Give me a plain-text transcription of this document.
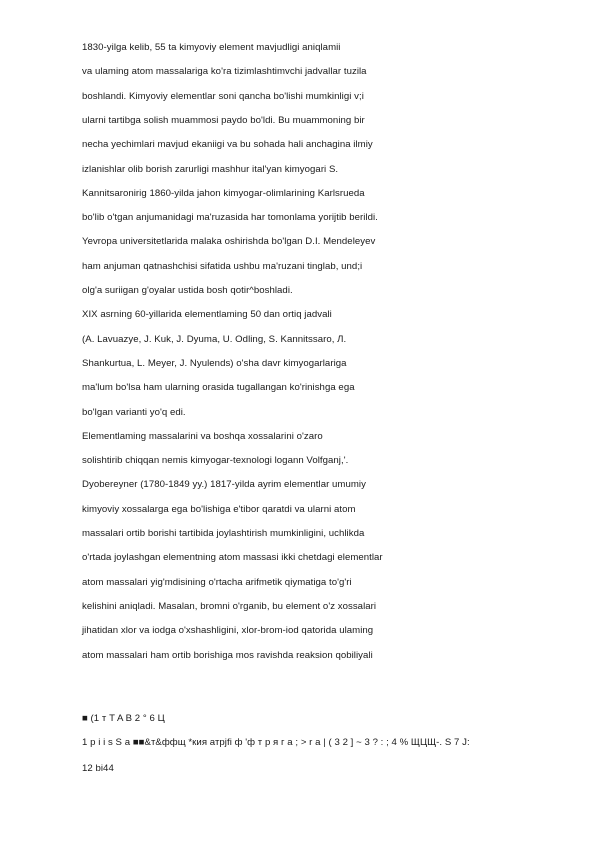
1830-yilga kelib, 55 ta kimyoviy element mavjudligi aniqlamii
va ulaming atom massalariga ko'ra tizimlashtimvchi jadvallar tuzila
boshlandi. Kimyoviy elementlar soni qancha bo'lishi mumkinligi v;i
ularni tartibga solish muammosi paydo bo'ldi. Bu muammoning bir
necha yechimlari mavjud ekaniigi va bu sohada hali anchagina ilmiy
izlanishlar olib borish zarurligi mashhur ital'yan kimyogari S.
Kannitsaronirig 1860-yilda jahon kimyogar-olimlarining Karlsrueda
bo'lib o'tgan anjumanidagi ma'ruzasida har tomonlama yoriјtib berildi.
Yevropa universitetlarida malaka oshirishda bo'lgan D.I. Mendeleyev
ham anjuman qatnashchisi sifatida ushbu ma'ruzani tinglab, und;i
olg'a suriigan g'oyalar ustida bosh qotir^boshladi.
XIX asrning 60-yillarida elementlaming 50 dan ortiq jadvali
(A. Lavuazye, J. Kuk, J. Dyuma, U. Odling, S. Kannitssaro, Л.
Shankurtua, L. Meyer, J. Nyulends) o'sha davr kimyogarlariga
ma'lum bo'lsa ham ularning orasida tugallangan ko'rinishga ega
bo'lgan varianti yo'q edi.
Elementlaming massalarini va boshqa xossalarini o'zaro
solishtirib chiqqan nemis kimyogar-texnologi logann Volfganj,'.
Dyobereyner (1780-1849 yy.) 1817-yilda ayrim elementlar umumiy
kimyoviy xossalarga ega bo'lishiga e'tibor qaratdi va ularni atom
massalari ortib borishi tartibida joylashtirish mumkinligini, uchlikda
o'rtada joylashgan elementning atom massasi ikki chetdagi elementlar
atom massalari yig'mdisining o'rtacha arifmetik qiymatiga to'g'ri
kelishini aniqladi. Masalan, bromni o'rganib, bu element o'z xossalari
jihatidan xlor va iodga o'xshashligini, xlor-brom-iod qatorida ulaming
atom massalari ham ortib borishiga mos ravishda reaksion qobiliyali
■ (1 т T A B 2 ° 6 Ц
1 p i i s S a ■■&т&ффщ *кия атрjfi ф 'ф т р я г а ; > r a | ( 3 2 ] ~ 3 ? : ; 4 % ЩЦЩ-. S 7 J:
12 bi44
